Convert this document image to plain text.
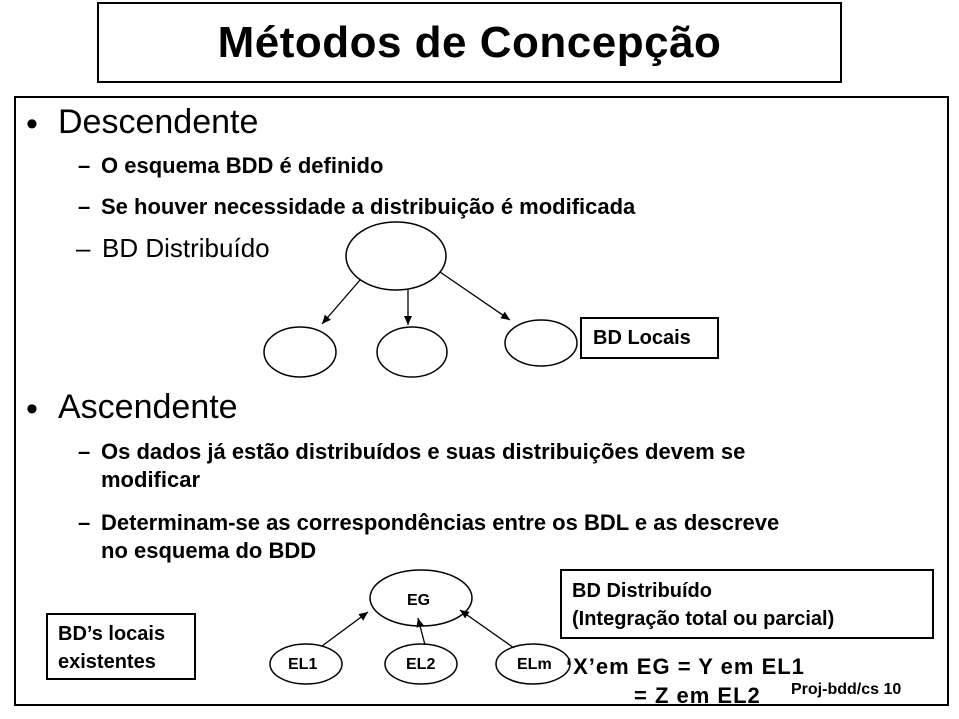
Métodos de Concepção
• Descendente
– O esquema BDD é definido
– Se houver necessidade a distribuição é modificada
– BD Distribuído
BD Locais
• Ascendente
– Os dados já estão distribuídos e suas distribuições devem se
modificar
– Determinam-se as correspondências entre os BDL e as descreve
no esquema do BDD
EG
EL1	EL2	ELm
BD’s locais
existentes
BD Distribuído
(Integração total ou parcial)
‘X’em EG = Y em EL1
= Z em EL2 Proj-bdd/cs 10
